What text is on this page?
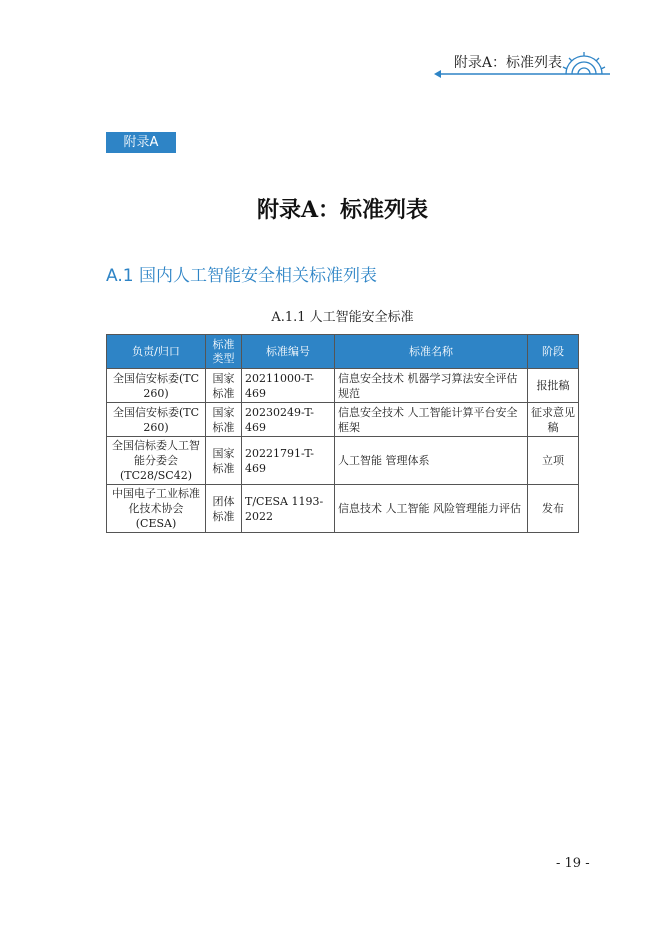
附录A：标准列表
附录A
附录A：标准列表
A.1 国内人工智能安全相关标准列表
A.1.1 人工智能安全标准
负责/归口	标准类型	标准编号	标准名称	阶段
全国信安标委(TC 260)	国家标准	20211000-T-469	信息安全技术 机器学习算法安全评估规范	报批稿
全国信安标委(TC 260)	国家标准	20230249-T-469	信息安全技术 人工智能计算平台安全框架	征求意见稿
全国信标委人工智能分委会(TC28/SC42)	国家标准	20221791-T-469	人工智能 管理体系	立项
中国电子工业标准化技术协会(CESA)	团体标准	T/CESA 1193-2022	信息技术 人工智能 风险管理能力评估	发布
- 19 -
